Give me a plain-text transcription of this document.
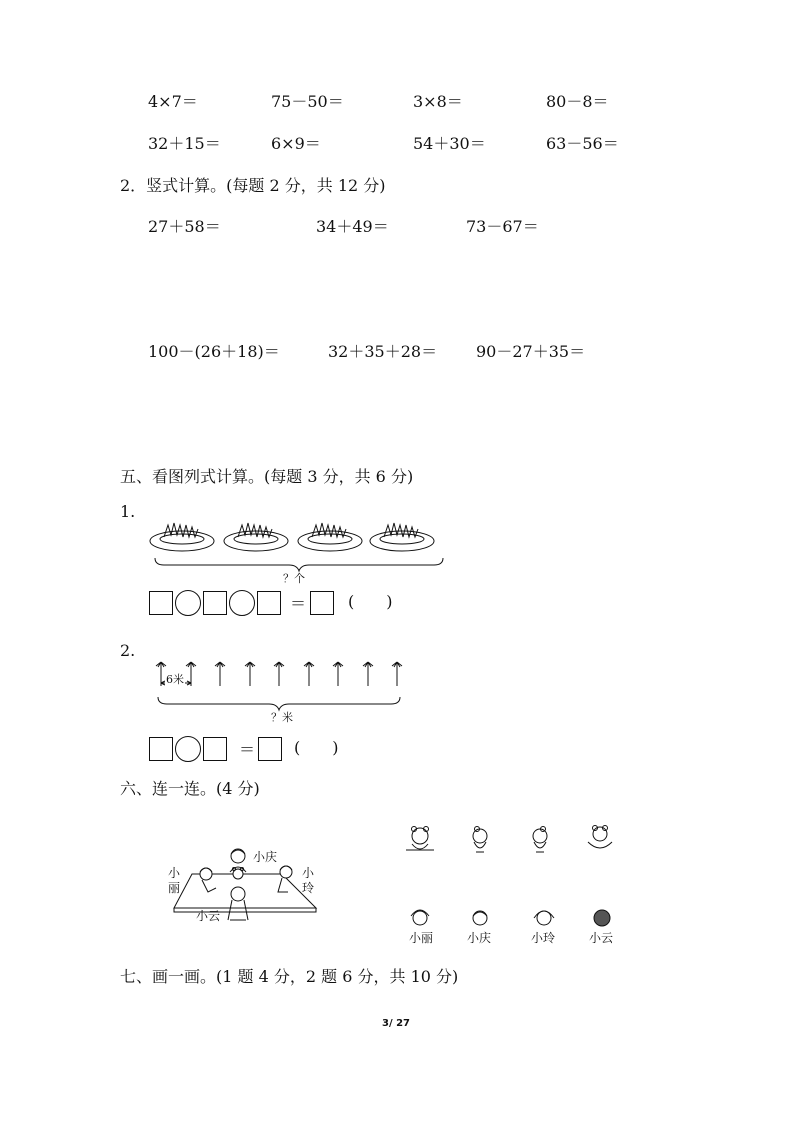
4×7＝	75－50＝	3×8＝	80－8＝
32＋15＝	6×9＝	54＋30＝	63－56＝
2．竖式计算。(每题 2 分，共 12 分)
27＋58＝	34＋49＝	73－67＝
100－(26＋18)＝	32＋35＋28＝ 90－27＋35＝
五、看图列式计算。(每题 3 分，共 6 分)
1.
？个
＝	(　　)
2.
6米
？米
＝ (　　)
六、连一连。(4 分)
小庆
小
丽
小
玲
小云
小丽	小庆	小玲	小云
七、画一画。(1 题 4 分，2 题 6 分，共 10 分)
3/ 27
